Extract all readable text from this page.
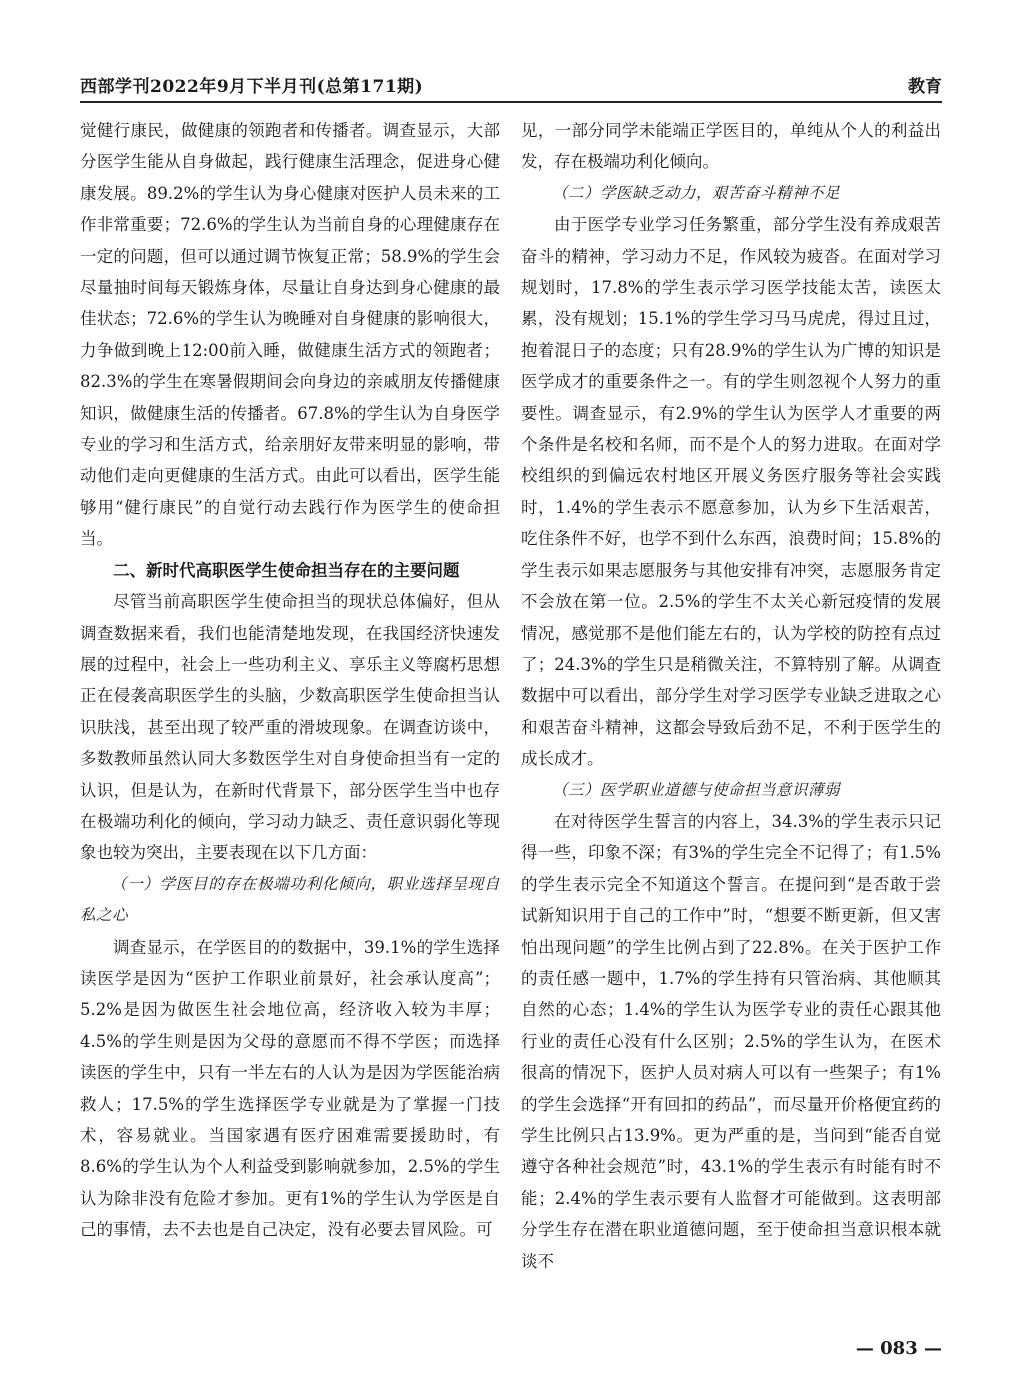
西部学刊2022年9月下半月刊(总第171期)	教育

觉健行康民，做健康的领跑者和传播者。调查显示，大部分医学生能从自身做起，践行健康生活理念，促进身心健康发展。89.2%的学生认为身心健康对医护人员未来的工作非常重要；72.6%的学生认为当前自身的心理健康存在一定的问题，但可以通过调节恢复正常；58.9%的学生会尽量抽时间每天锻炼身体，尽量让自身达到身心健康的最佳状态；72.6%的学生认为晚睡对自身健康的影响很大，力争做到晚上12:00前入睡，做健康生活方式的领跑者；82.3%的学生在寒暑假期间会向身边的亲戚朋友传播健康知识，做健康生活的传播者。67.8%的学生认为自身医学专业的学习和生活方式，给亲朋好友带来明显的影响，带动他们走向更健康的生活方式。由此可以看出，医学生能够用“健行康民”的自觉行动去践行作为医学生的使命担当。

二、新时代高职医学生使命担当存在的主要问题

尽管当前高职医学生使命担当的现状总体偏好，但从调查数据来看，我们也能清楚地发现，在我国经济快速发展的过程中，社会上一些功利主义、享乐主义等腐朽思想正在侵袭高职医学生的头脑，少数高职医学生使命担当认识肤浅，甚至出现了较严重的滑坡现象。在调查访谈中，多数教师虽然认同大多数医学生对自身使命担当有一定的认识，但是认为，在新时代背景下，部分医学生当中也存在极端功利化的倾向，学习动力缺乏、责任意识弱化等现象也较为突出，主要表现在以下几方面：

（一）学医目的存在极端功利化倾向，职业选择呈现自私之心

调查显示，在学医目的的数据中，39.1%的学生选择读医学是因为“医护工作职业前景好，社会承认度高”；5.2%是因为做医生社会地位高，经济收入较为丰厚；4.5%的学生则是因为父母的意愿而不得不学医；而选择读医的学生中，只有一半左右的人认为是因为学医能治病救人；17.5%的学生选择医学专业就是为了掌握一门技术，容易就业。当国家遇有医疗困难需要援助时，有8.6%的学生认为个人利益受到影响就参加，2.5%的学生认为除非没有危险才参加。更有1%的学生认为学医是自己的事情，去不去也是自己决定，没有必要去冒风险。可

见，一部分同学未能端正学医目的，单纯从个人的利益出发，存在极端功利化倾向。

（二）学医缺乏动力，艰苦奋斗精神不足

由于医学专业学习任务繁重，部分学生没有养成艰苦奋斗的精神，学习动力不足，作风较为疲沓。在面对学习规划时，17.8%的学生表示学习医学技能太苦，读医太累，没有规划；15.1%的学生学习马马虎虎，得过且过，抱着混日子的态度；只有28.9%的学生认为广博的知识是医学成才的重要条件之一。有的学生则忽视个人努力的重要性。调查显示，有2.9%的学生认为医学人才重要的两个条件是名校和名师，而不是个人的努力进取。在面对学校组织的到偏远农村地区开展义务医疗服务等社会实践时，1.4%的学生表示不愿意参加，认为乡下生活艰苦，吃住条件不好，也学不到什么东西，浪费时间；15.8%的学生表示如果志愿服务与其他安排有冲突，志愿服务肯定不会放在第一位。2.5%的学生不太关心新冠疫情的发展情况，感觉那不是他们能左右的，认为学校的防控有点过了；24.3%的学生只是稍微关注，不算特别了解。从调查数据中可以看出，部分学生对学习医学专业缺乏进取之心和艰苦奋斗精神，这都会导致后劲不足，不利于医学生的成长成才。

（三）医学职业道德与使命担当意识薄弱

在对待医学生誓言的内容上，34.3%的学生表示只记得一些，印象不深；有3%的学生完全不记得了；有1.5%的学生表示完全不知道这个誓言。在提问到“是否敢于尝试新知识用于自己的工作中”时，“想要不断更新，但又害怕出现问题”的学生比例占到了22.8%。在关于医护工作的责任感一题中，1.7%的学生持有只管治病、其他顺其自然的心态；1.4%的学生认为医学专业的责任心跟其他行业的责任心没有什么区别；2.5%的学生认为，在医术很高的情况下，医护人员对病人可以有一些架子；有1%的学生会选择“开有回扣的药品”，而尽量开价格便宜药的学生比例只占13.9%。更为严重的是，当问到“能否自觉遵守各种社会规范”时，43.1%的学生表示有时能有时不能；2.4%的学生表示要有人监督才可能做到。这表明部分学生存在潜在职业道德问题，至于使命担当意识根本就谈不

— 083 —
